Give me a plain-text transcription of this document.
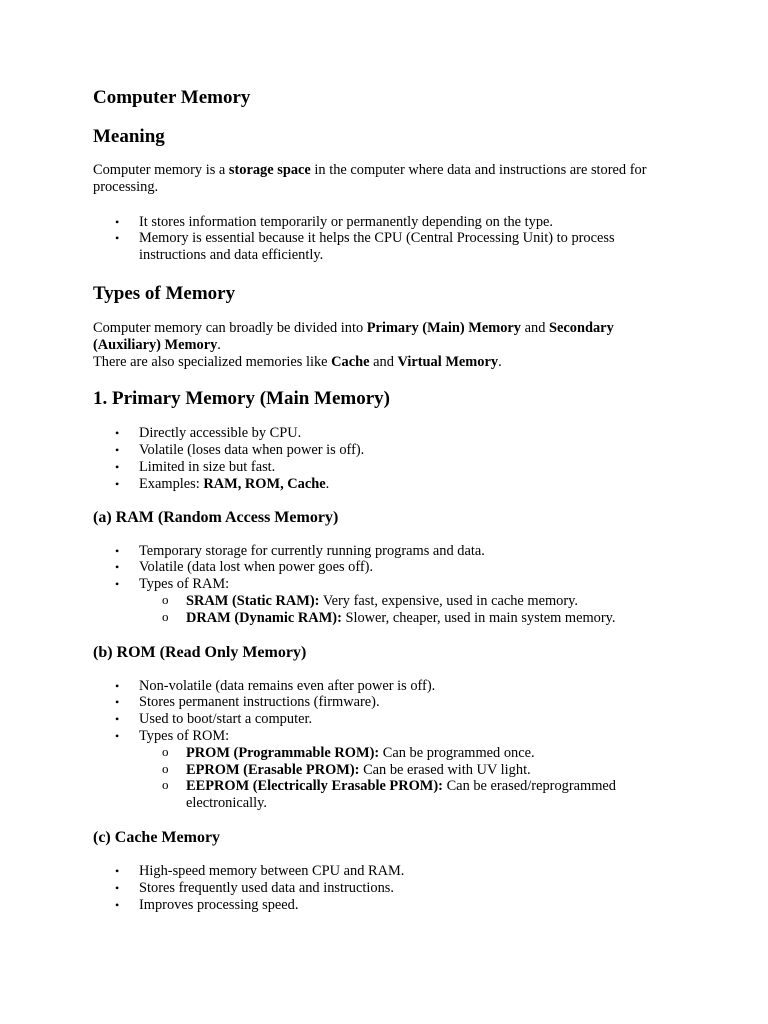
Computer Memory
Meaning

Computer memory is a storage space in the computer where data and instructions are stored for processing.

• It stores information temporarily or permanently depending on the type.
• Memory is essential because it helps the CPU (Central Processing Unit) to process instructions and data efficiently.
Types of Memory

Computer memory can broadly be divided into Primary (Main) Memory and Secondary (Auxiliary) Memory.
There are also specialized memories like Cache and Virtual Memory.

1. Primary Memory (Main Memory)
• Directly accessible by CPU.
• Volatile (loses data when power is off).
• Limited in size but fast.
• Examples: RAM, ROM, Cache.
(a) RAM (Random Access Memory)
• Temporary storage for currently running programs and data.
• Volatile (data lost when power goes off).
• Types of RAM:
o SRAM (Static RAM): Very fast, expensive, used in cache memory.
o DRAM (Dynamic RAM): Slower, cheaper, used in main system memory.
(b) ROM (Read Only Memory)
• Non-volatile (data remains even after power is off).
• Stores permanent instructions (firmware).
• Used to boot/start a computer.
• Types of ROM:
o PROM (Programmable ROM): Can be programmed once.
o EPROM (Erasable PROM): Can be erased with UV light.
o EEPROM (Electrically Erasable PROM): Can be erased/reprogrammed electronically.
(c) Cache Memory
• High-speed memory between CPU and RAM.
• Stores frequently used data and instructions.
• Improves processing speed.
